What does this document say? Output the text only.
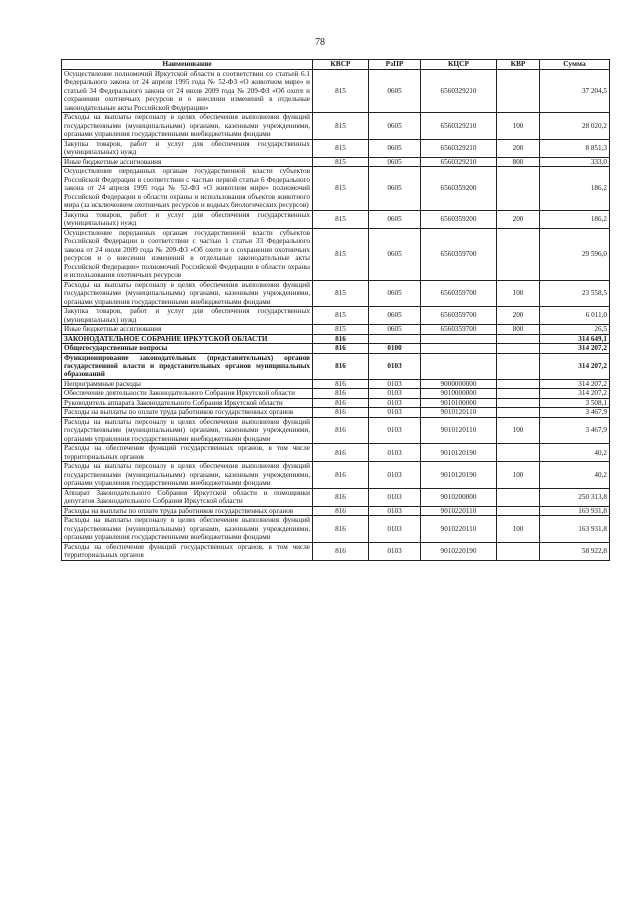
78
Наименование	КВСР	РзПР	КЦСР	КВР	Сумма
Осуществление полномочий Иркутской области в соответствии со статьей 6.1 Федерального закона от 24 апреля 1995 года № 52-ФЗ «О животном мире» и статьей 34 Федерального закона от 24 июля 2009 года № 209-ФЗ «Об охоте и сохранении охотничьих ресурсов и о внесении изменений в отдельные законодательные акты Российской Федерации»	815	0605	6560329210		37 204,5
Расходы на выплаты персоналу в целях обеспечения выполнения функций государственными (муниципальными) органами, казенными учреждениями, органами управления государственными внебюджетными фондами	815	0605	6560329210	100	28 020,2
Закупка товаров, работ и услуг для обеспечения государственных (муниципальных) нужд	815	0605	6560329210	200	8 851,3
Иные бюджетные ассигнования	815	0605	6560329210	800	333,0
Осуществление переданных органам государственной власти субъектов Российской Федерации в соответствии с частью первой статьи 6 Федерального закона от 24 апреля 1995 года № 52-ФЗ «О животном мире» полномочий Российской Федерации в области охраны и использования объектов животного мира (за исключением охотничьих ресурсов и водных биологических ресурсов)	815	0605	6560359200		186,2
Закупка товаров, работ и услуг для обеспечения государственных (муниципальных) нужд	815	0605	6560359200	200	186,2
Осуществление переданных органам государственной власти субъектов Российской Федерации в соответствии с частью 1 статьи 33 Федерального закона от 24 июля 2009 года № 209-ФЗ «Об охоте и о сохранении охотничьих ресурсов и о внесении изменений в отдельные законодательные акты Российской Федерации» полномочий Российской Федерации в области охраны и использования охотничьих ресурсов	815	0605	6560359700		29 596,0
Расходы на выплаты персоналу в целях обеспечения выполнения функций государственными (муниципальными) органами, казенными учреждениями, органами управления государственными внебюджетными фондами	815	0605	6560359700	100	23 558,5
Закупка товаров, работ и услуг для обеспечения государственных (муниципальных) нужд	815	0605	6560359700	200	6 011,0
Иные бюджетные ассигнования	815	0605	6560359700	800	26,5
ЗАКОНОДАТЕЛЬНОЕ СОБРАНИЕ ИРКУТСКОЙ ОБЛАСТИ	816				314 649,1
Общегосударственные вопросы	816	0100			314 207,2
Функционирование законодательных (представительных) органов государственной власти и представительных органов муниципальных образований	816	0103			314 207,2
Непрограммные расходы	816	0103	9000000000		314 207,2
Обеспечение деятельности Законодательного Собрания Иркутской области	816	0103	9010000000		314 207,2
Руководитель аппарата Законодательного Собрания Иркутской области	816	0103	9010100000		3 508,1
Расходы на выплаты по оплате труда работников государственных органов	816	0103	9010120110		3 467,9
Расходы на выплаты персоналу в целях обеспечения выполнения функций государственными (муниципальными) органами, казенными учреждениями, органами управления государственными внебюджетными фондами	816	0103	9010120110	100	3 467,9
Расходы на обеспечение функций государственных органов, в том числе территориальных органов	816	0103	9010120190		40,2
Расходы на выплаты персоналу в целях обеспечения выполнения функций государственными (муниципальными) органами, казенными учреждениями, органами управления государственными внебюджетными фондами	816	0103	9010120190	100	40,2
Аппарат Законодательного Собрания Иркутской области и помощники депутатов Законодательного Собрания Иркутской области	816	0103	9010200000		250 313,8
Расходы на выплаты по оплате труда работников государственных органов	816	0103	9010220110		163 931,8
Расходы на выплаты персоналу в целях обеспечения выполнения функций государственными (муниципальными) органами, казенными учреждениями, органами управления государственными внебюджетными фондами	816	0103	9010220110	100	163 931,8
Расходы на обеспечение функций государственных органов, в том числе территориальных органов	816	0103	9010220190		58 922,8
